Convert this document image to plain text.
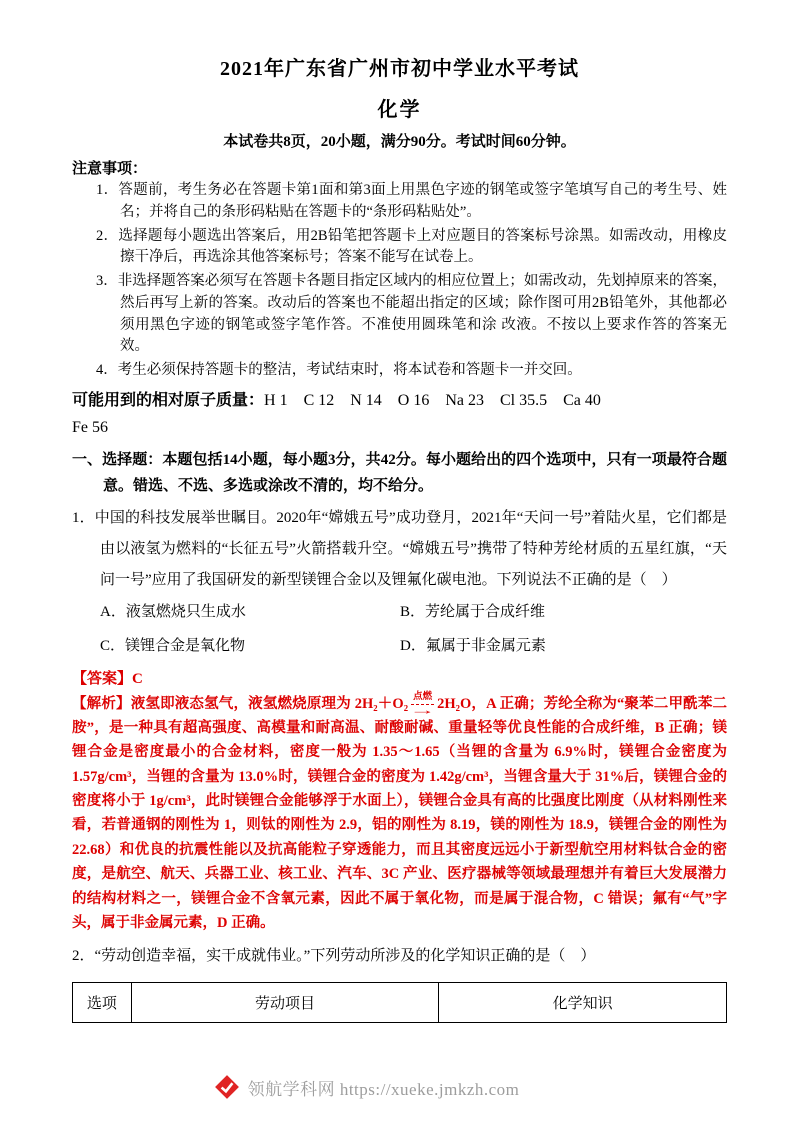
2021年广东省广州市初中学业水平考试
化学

本试卷共8页，20小题，满分90分。考试时间60分钟。

注意事项：

1．答题前，考生务必在答题卡第1面和第3面上用黑色字迹的钢笔或签字笔填写自己的考生号、姓名；并将自己的条形码粘贴在答题卡的“条形码粘贴处”。

2．选择题每小题选出答案后，用2B铅笔把答题卡上对应题目的答案标号涂黑。如需改动，用橡皮擦干净后，再选涂其他答案标号；答案不能写在试卷上。

3．非选择题答案必须写在答题卡各题目指定区域内的相应位置上；如需改动，先划掉原来的答案，然后再写上新的答案。改动后的答案也不能超出指定的区域；除作图可用2B铅笔外，其他都必须用黑色字迹的钢笔或签字笔作答。不准使用圆珠笔和涂 改液。不按以上要求作答的答案无效。

4．考生必须保持答题卡的整洁，考试结束时，将本试卷和答题卡一并交回。

可能用到的相对原子质量：H 1　C 12　N 14　O 16　Na 23　Cl 35.5　Ca 40

Fe 56

一、选择题：本题包括14小题，每小题3分，共42分。每小题给出的四个选项中，只有一项最符合题意。错选、不选、多选或涂改不清的，均不给分。

1．中国的科技发展举世瞩目。2020年“嫦娥五号”成功登月，2021年“天问一号”着陆火星，它们都是由以液氢为燃料的“长征五号”火箭搭载升空。“嫦娥五号”携带了特种芳纶材质的五星红旗，“天问一号”应用了我国研发的新型镁锂合金以及锂氟化碳电池。下列说法不正确的是（　）

A．液氢燃烧只生成水	B．芳纶属于合成纤维
C．镁锂合金是氧化物	D．氟属于非金属元素

【答案】C

【解析】液氢即液态氢气，液氢燃烧原理为 2H₂＋O₂ 点燃
→ 2H₂O，A 正确；芳纶全称为“聚苯二甲酰苯二胺”，是一种具有超高强度、高模量和耐高温、耐酸耐碱、重量轻等优良性能的合成纤维，B 正确；镁锂合金是密度最小的合金材料，密度一般为 1.35～1.65（当锂的含量为 6.9%时，镁锂合金密度为 1.57g/cm³，当锂的含量为 13.0%时，镁锂合金的密度为 1.42g/cm³，当锂含量大于 31%后，镁锂合金的密度将小于 1g/cm³，此时镁锂合金能够浮于水面上），镁锂合金具有高的比强度比刚度（从材料刚性来看，若普通钢的刚性为 1，则钛的刚性为 2.9，铝的刚性为 8.19，镁的刚性为 18.9，镁锂合金的刚性为 22.68）和优良的抗震性能以及抗高能粒子穿透能力，而且其密度远远小于新型航空用材料钛合金的密度，是航空、航天、兵器工业、核工业、汽车、3C 产业、医疗器械等领域最理想并有着巨大发展潜力的结构材料之一，镁锂合金不含氧元素，因此不属于氧化物，而是属于混合物，C 错误；氟有“气”字头，属于非金属元素，D 正确。

2．“劳动创造幸福，实干成就伟业。”下列劳动所涉及的化学知识正确的是（　）

选项	劳动项目	化学知识
领航学科网 https://xueke.jmkzh.com
